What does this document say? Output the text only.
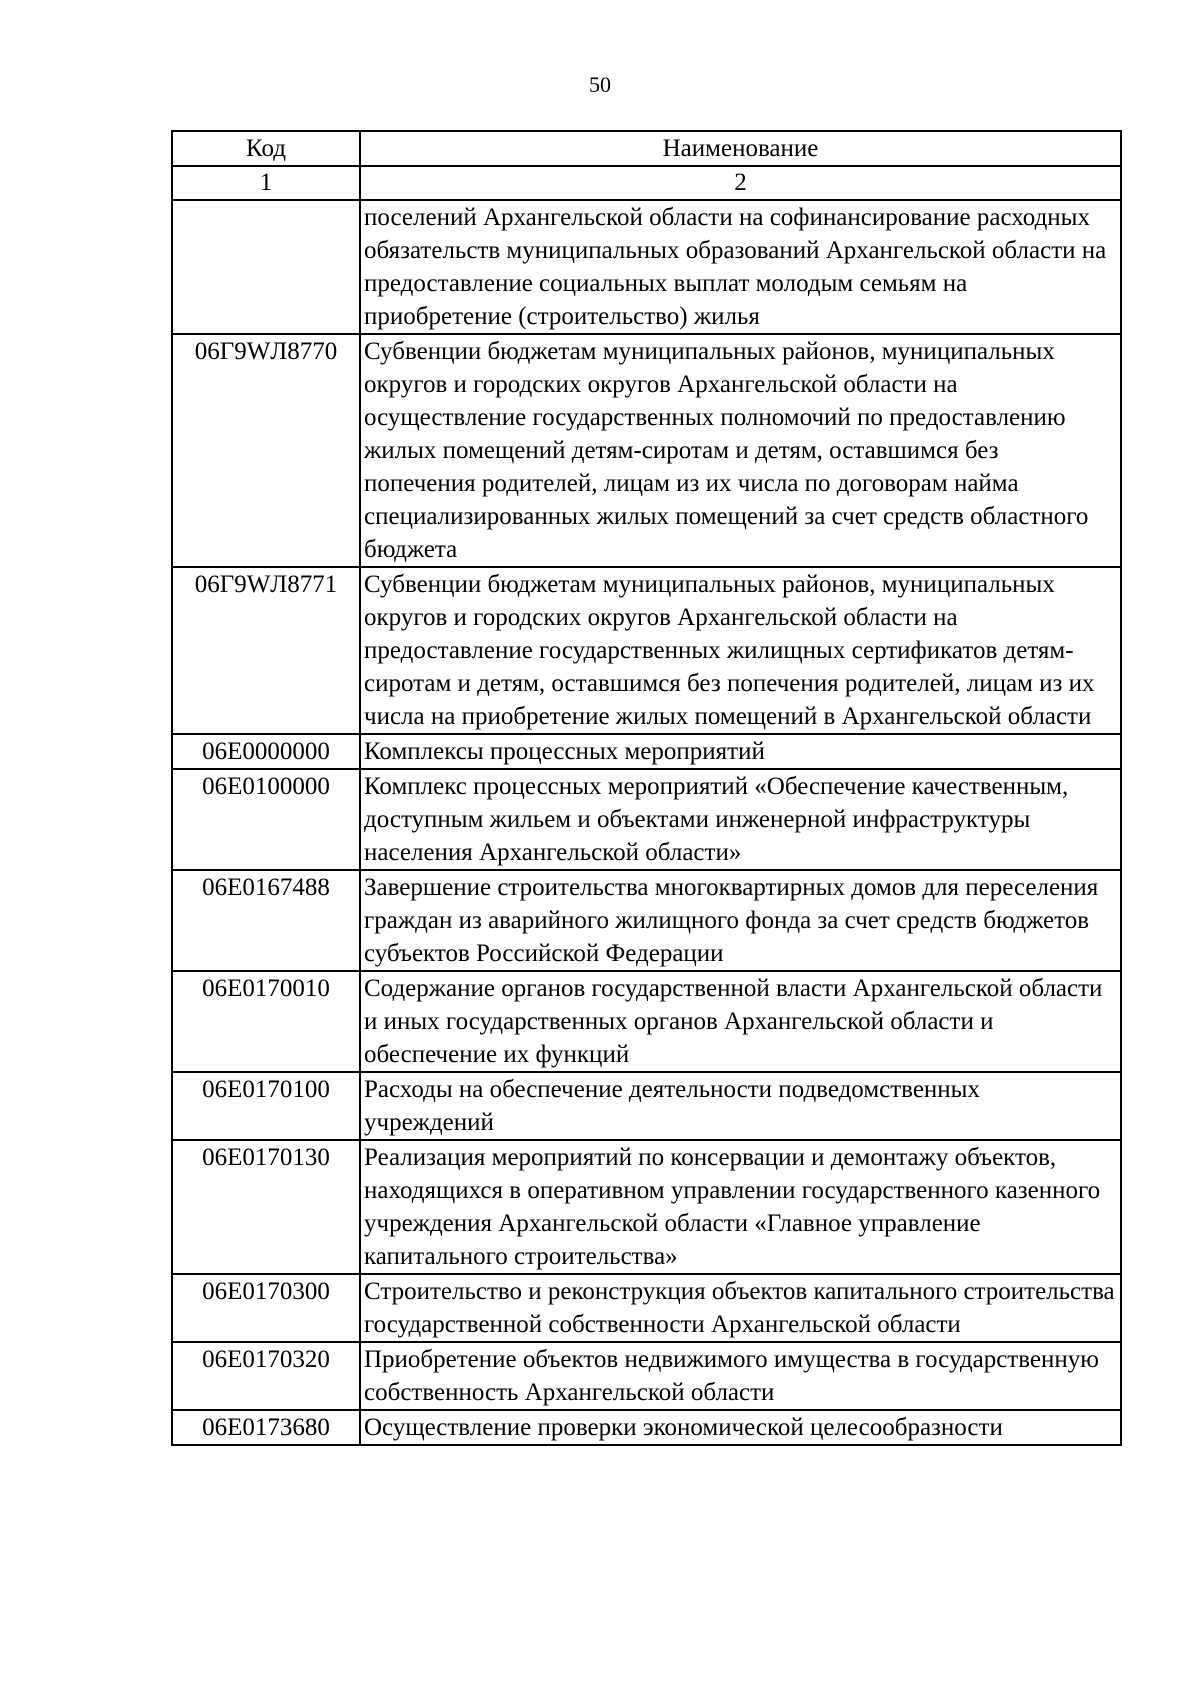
50
Код	Наименование
1	2
	поселений Архангельской области на софинансирование расходных обязательств муниципальных образований Архангельской области на предоставление социальных выплат молодым семьям на приобретение (строительство) жилья
06Г9WЛ8770	Субвенции бюджетам муниципальных районов, муниципальных округов и городских округов Архангельской области на осуществление государственных полномочий по предоставлению жилых помещений детям-сиротам и детям, оставшимся без попечения родителей, лицам из их числа по договорам найма специализированных жилых помещений за счет средств областного бюджета
06Г9WЛ8771	Субвенции бюджетам муниципальных районов, муниципальных округов и городских округов Архангельской области на предоставление государственных жилищных сертификатов детям-сиротам и детям, оставшимся без попечения родителей, лицам из их числа на приобретение жилых помещений в Архангельской области
06Е0000000	Комплексы процессных мероприятий
06Е0100000	Комплекс процессных мероприятий «Обеспечение качественным, доступным жильем и объектами инженерной инфраструктуры населения Архангельской области»
06Е0167488	Завершение строительства многоквартирных домов для переселения граждан из аварийного жилищного фонда за счет средств бюджетов субъектов Российской Федерации
06Е0170010	Содержание органов государственной власти Архангельской области и иных государственных органов Архангельской области и обеспечение их функций
06Е0170100	Расходы на обеспечение деятельности подведомственных учреждений
06Е0170130	Реализация мероприятий по консервации и демонтажу объектов, находящихся в оперативном управлении государственного казенного учреждения Архангельской области «Главное управление капитального строительства»
06Е0170300	Строительство и реконструкция объектов капитального строительства государственной собственности Архангельской области
06Е0170320	Приобретение объектов недвижимого имущества в государственную собственность Архангельской области
06Е0173680	Осуществление проверки экономической целесообразности
